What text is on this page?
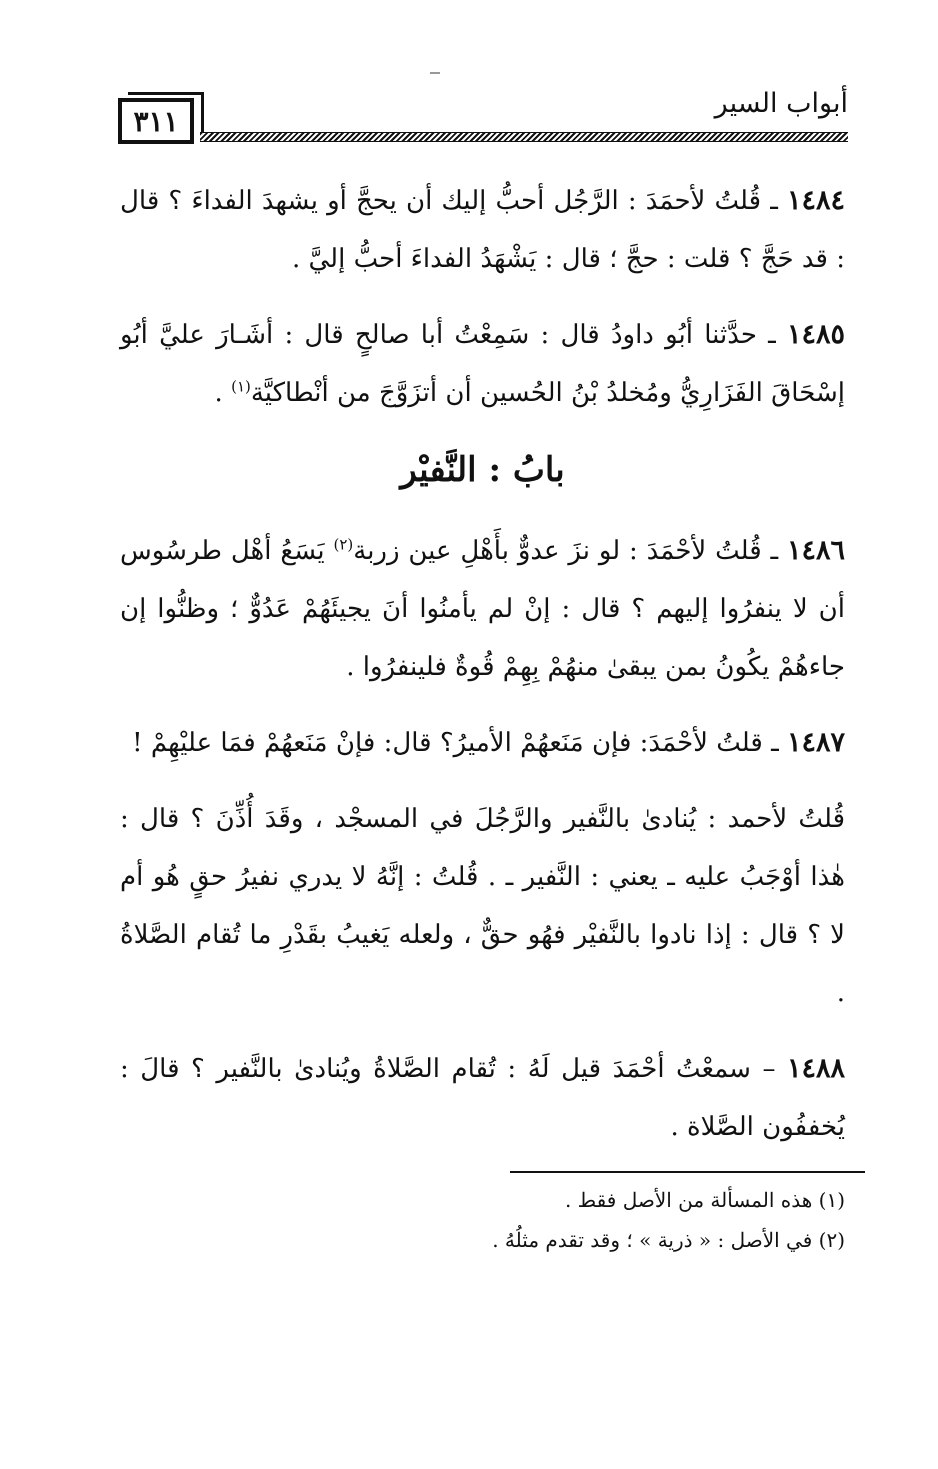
٣١١
أبواب السير

١٤٨٤ ـ قُلتُ لأحمَدَ : الرَّجُل أحبُّ إليك أن يحجَّ أو يشهدَ الفداءَ ؟ قال : قد حَجَّ ؟ قلت : حجَّ ؛ قال : يَشْهَدُ الفداءَ أحبُّ إليَّ .

١٤٨٥ ـ حدَّثنا أبُو داودُ قال : سَمِعْتُ أبا صالحٍ قال : أشَـارَ عليَّ أبُو إسْحَاقَ الفَزَارِيُّ ومُخلدُ بْنُ الحُسين أن أتزَوَّجَ من أنْطاكيَّة$^{(١)}$ .

بابُ : النَّفيْر

١٤٨٦ ـ قُلتُ لأحْمَدَ : لو نزَ عدوٌّ بأَهْلِ عين زربة$^{(٢)}$ يَسَعُ أهْل طرسُوس أن لا ينفرُوا إليهم ؟ قال : إنْ لم يأمنُوا أنَ يجيئَهُمْ عَدُوٌّ ؛ وظنُّوا إن جاءهُمْ يكُونُ بمن يبقىٰ منهُمْ بِهِمْ قُوةٌ فلينفرُوا .

١٤٨٧ ـ قلتُ لأحْمَدَ: فإن مَنَعهُمْ الأميرُ؟ قال: فإنْ مَنَعهُمْ فمَا عليْهِمْ !

قُلتُ لأحمد : يُنادىٰ بالنَّفير والرَّجُلَ في المسجْد ، وقَدَ أُذِّنَ ؟ قال : هٰذا أوْجَبُ عليه ـ يعني : النَّفير ـ . قُلتُ : إنَّهُ لا يدري نفيرُ حقٍ هُو أم لا ؟ قال : إذا نادوا بالنَّفيْر فهُو حقٌّ ، ولعله يَغيبُ بقَدْرِ ما تُقام الصَّلاةُ .

١٤٨٨ – سمعْتُ أحْمَدَ قيل لَهُ : تُقام الصَّلاةُ ويُنادىٰ بالنَّفير ؟ قالَ : يُخففُون الصَّلاة .

(١) هذه المسألة من الأصل فقط .

(٢) في الأصل : « ذرية » ؛ وقد تقدم مثلُهُ .
